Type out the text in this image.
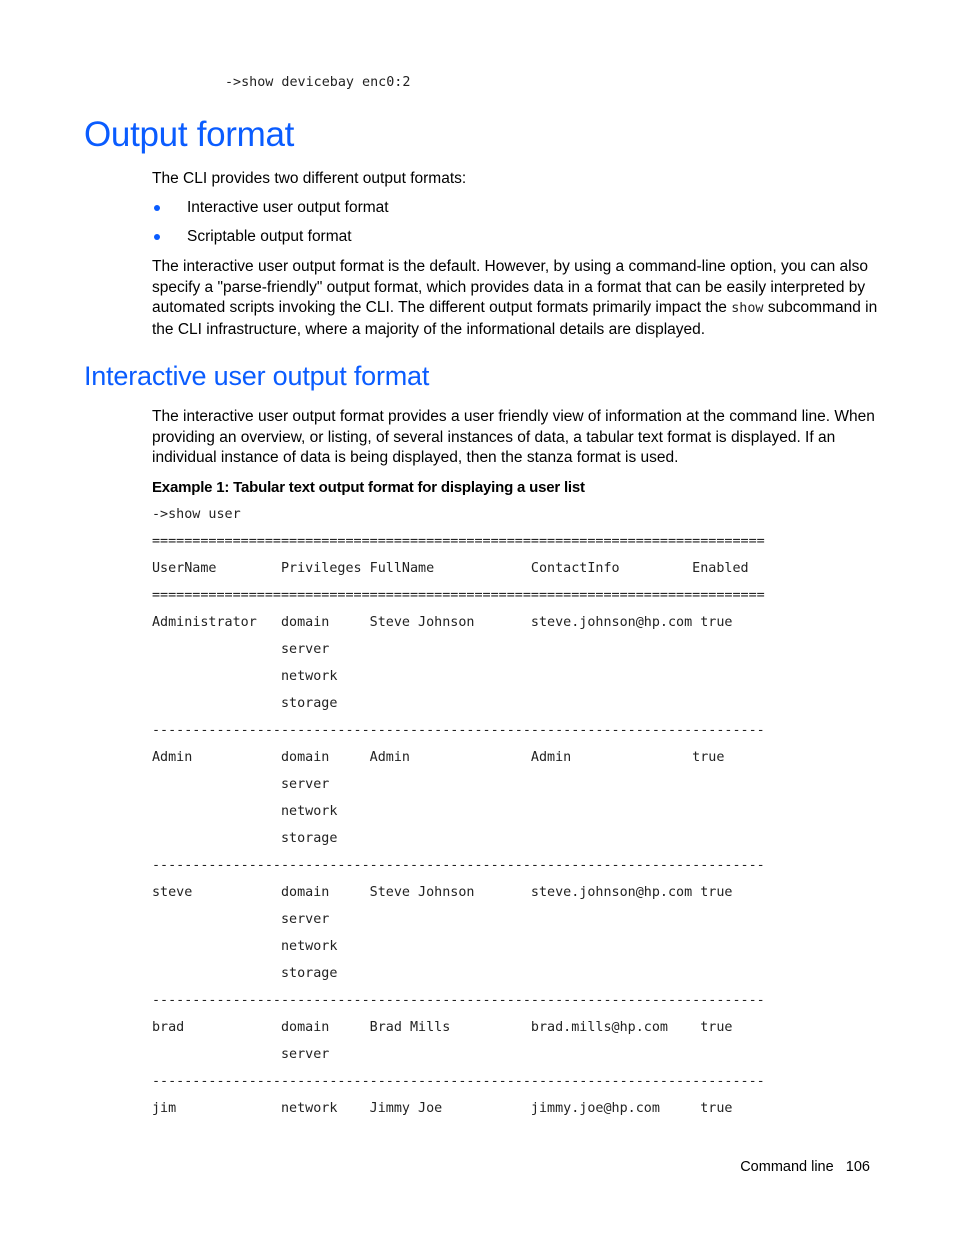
->show devicebay enc0:2
Output format
The CLI provides two different output formats:
Interactive user output format
Scriptable output format
The interactive user output format is the default. However, by using a command-line option, you can also
specify a "parse-friendly" output format, which provides data in a format that can be easily interpreted by
automated scripts invoking the CLI. The different output formats primarily impact the show subcommand in
the CLI infrastructure, where a majority of the informational details are displayed.
Interactive user output format
The interactive user output format provides a user friendly view of information at the command line. When
providing an overview, or listing, of several instances of data, a tabular text format is displayed. If an
individual instance of data is being displayed, then the stanza format is used.
Example 1: Tabular text output format for displaying a user list
->show user
============================================================================
UserName        Privileges FullName            ContactInfo         Enabled
============================================================================
Administrator   domain     Steve Johnson       steve.johnson@hp.com true
server
network
storage
----------------------------------------------------------------------------
Admin           domain     Admin               Admin               true
server
network
storage
----------------------------------------------------------------------------
steve           domain     Steve Johnson       steve.johnson@hp.com true
server
network
storage
----------------------------------------------------------------------------
brad            domain     Brad Mills          brad.mills@hp.com    true
server
----------------------------------------------------------------------------
jim             network    Jimmy Joe           jimmy.joe@hp.com     true
Command line 106
